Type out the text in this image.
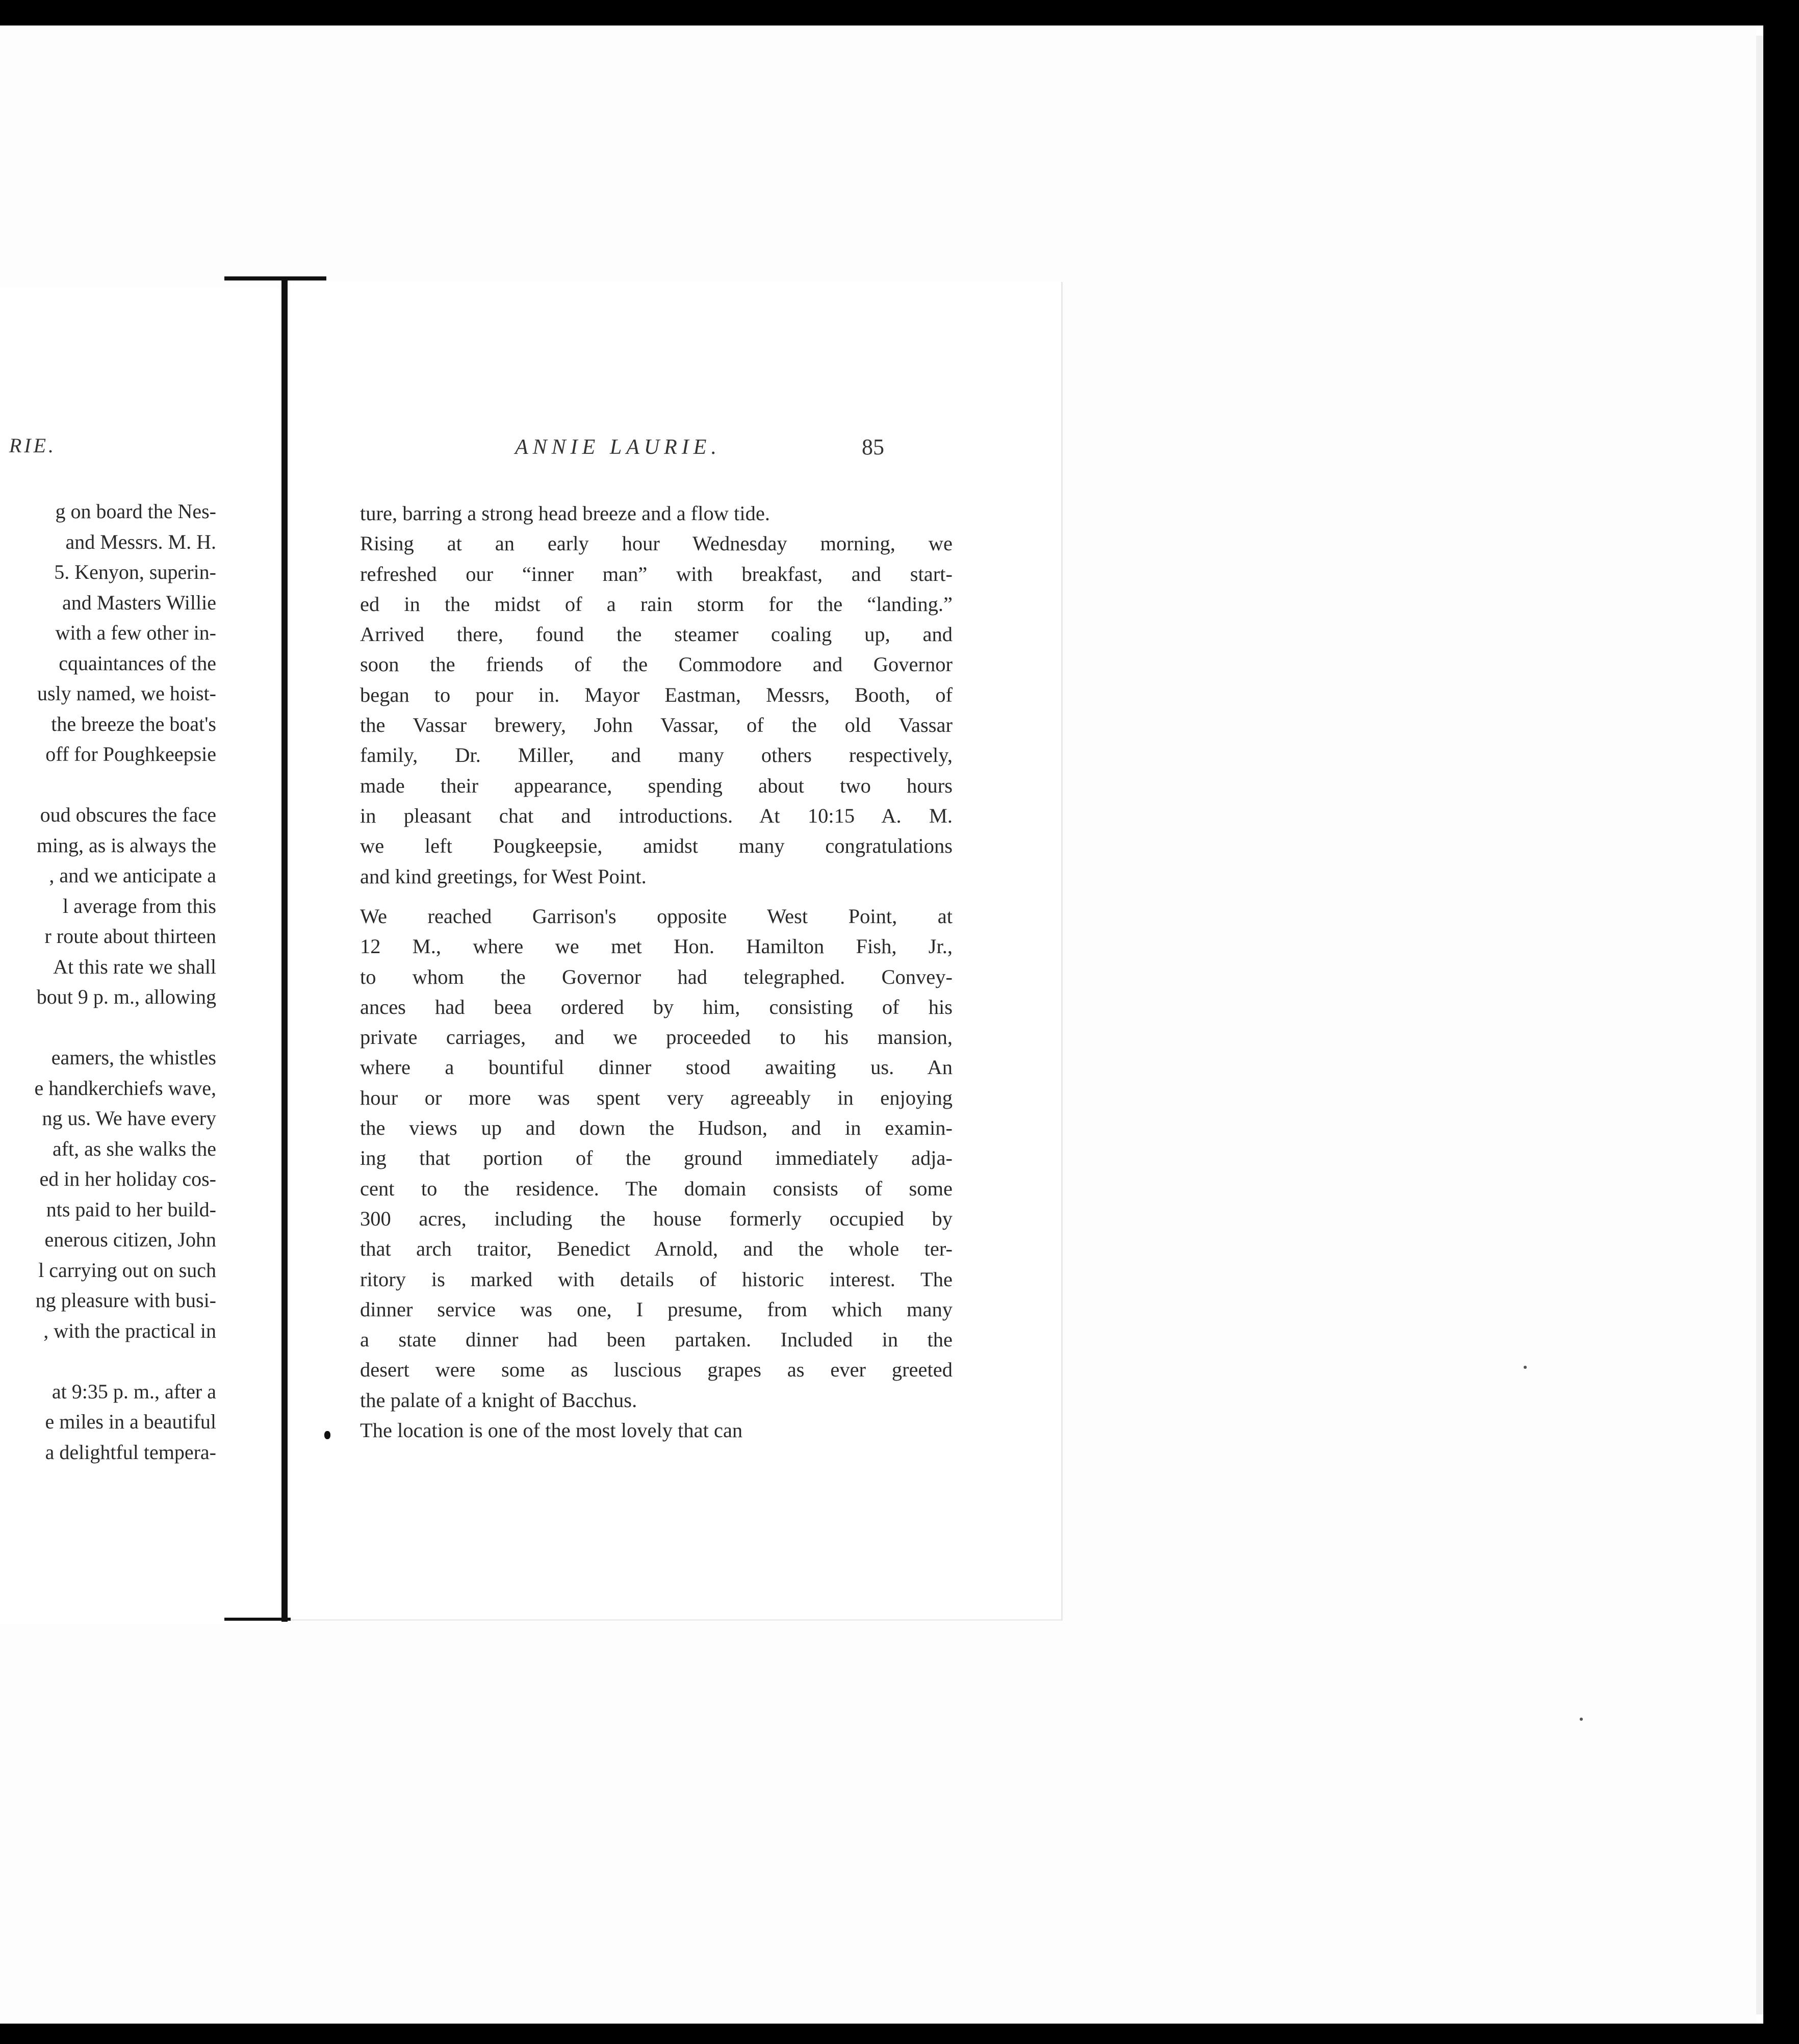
RIE.
g on board the Nes-
and Messrs. M. H.
5. Kenyon, superin-
and Masters Willie
with a few other in-
cquaintances of the
usly named, we hoist-
the breeze the boat's
off for Poughkeepsie
oud obscures the face
ming, as is always the
, and we anticipate a
l average from this
r route about thirteen
At this rate we shall
bout 9 p. m., allowing
eamers, the whistles
e handkerchiefs wave,
ng us. We have every
aft, as she walks the
ed in her holiday cos-
nts paid to her build-
enerous citizen, John
l carrying out on such
ng pleasure with busi-
, with the practical in
at 9:35 p. m., after a
e miles in a beautiful
a delightful tempera-
ANNIE LAURIE.	85
ture, barring a strong head breeze and a flow tide.
Rising at an early hour Wednesday morning, we
refreshed our “inner man” with breakfast, and start-
ed in the midst of a rain storm for the “landing.”
Arrived there, found the steamer coaling up, and
soon the friends of the Commodore and Governor
began to pour in. Mayor Eastman, Messrs, Booth, of
the Vassar brewery, John Vassar, of the old Vassar
family, Dr. Miller, and many others respectively,
made their appearance, spending about two hours
in pleasant chat and introductions. At 10:15 A. M.
we left Pougkeepsie, amidst many congratulations
and kind greetings, for West Point.
We reached Garrison's opposite West Point, at
12 M., where we met Hon. Hamilton Fish, Jr.,
to whom the Governor had telegraphed. Convey-
ances had beea ordered by him, consisting of his
private carriages, and we proceeded to his mansion,
where a bountiful dinner stood awaiting us. An
hour or more was spent very agreeably in enjoying
the views up and down the Hudson, and in examin-
ing that portion of the ground immediately adja-
cent to the residence. The domain consists of some
300 acres, including the house formerly occupied by
that arch traitor, Benedict Arnold, and the whole ter-
ritory is marked with details of historic interest. The
dinner service was one, I presume, from which many
a state dinner had been partaken. Included in the
desert were some as luscious grapes as ever greeted
the palate of a knight of Bacchus.
The location is one of the most lovely that can
